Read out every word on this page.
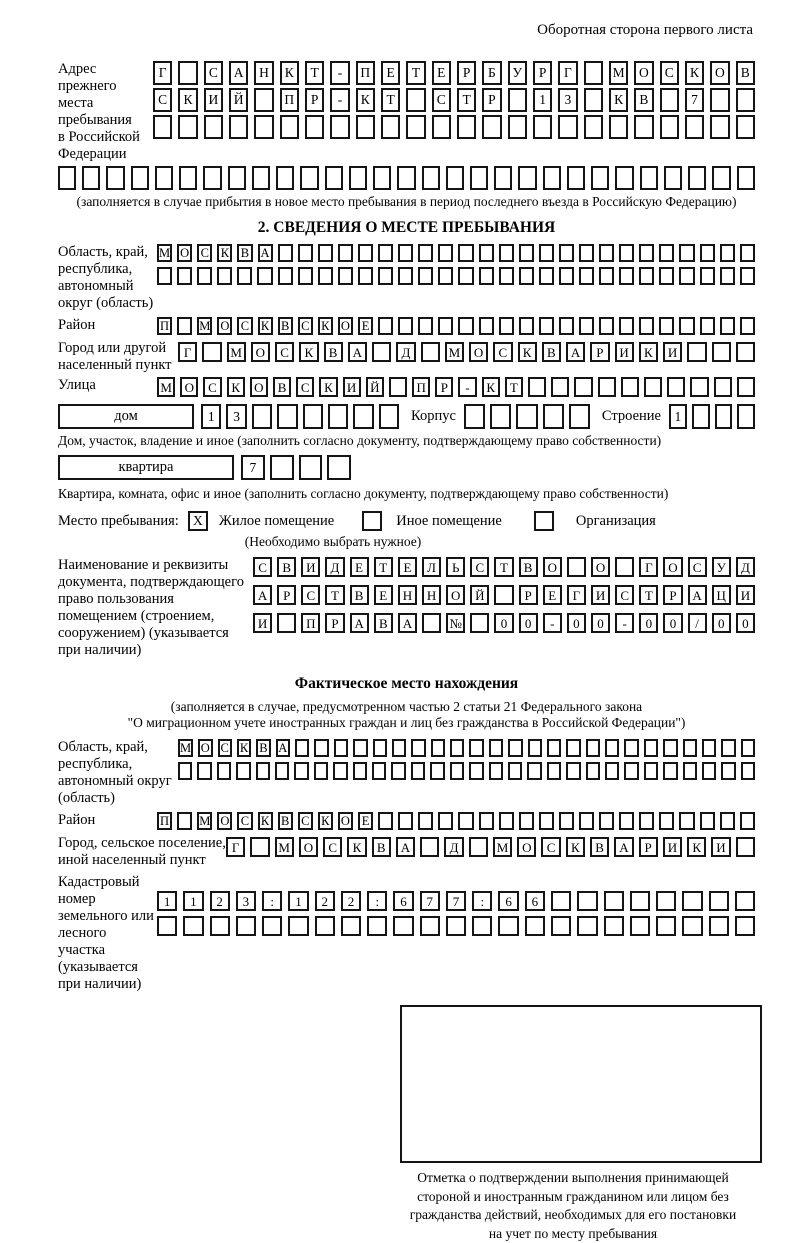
Оборотная сторона первого листа
Адрес прежнего
места пребывания
в Российской
Федерации
Г	С	А	Н	К	Т	-	П	Е	Т	Е	Р	Б	У	Р	Г	М	О	С	К	О	В
С	К	И	Й	П	Р	-	К	Т	С	Т	Р	1	3	К	В	7
(заполняется в случае прибытия в новое место пребывания в период последнего въезда в Российскую Федерацию)
2. СВЕДЕНИЯ О МЕСТЕ ПРЕБЫВАНИЯ
Область, край,
республика,
автономный
округ (область)
М О С К В А
Район	П М О С К В С К О Е
Город или другой
населенный пункт
Г	М	О	С	К	В	А	Д	М	О	С	К	В	А	Р	И	К	И
Улица	М О	С	К	О	В	С	К	И	Й	П	Р	-	К	Т
дом	1	3	Корпус	Строение	1
Дом, участок, владение и иное (заполнить согласно документу, подтверждающему право собственности)
квартира	7
Квартира, комната, офис и иное (заполнить согласно документу, подтверждающему право собственности)
Место пребывания:	X	Жилое помещение	Иное помещение	Организация
(Необходимо выбрать нужное)
Наименование и реквизиты
документа, подтверждающего
право пользования
помещением (строением,
сооружением) (указывается
при наличии)
С	В	И	Д	Е	Т	Е	Л	Ь	С	Т	В	О	О	Г	О	С	У	Д
А	Р	С	Т	В	Е	Н	Н	О	Й	Р	Е	Г	И	С	Т	Р	А	Ц	И
И	П	Р	А	В	А	№	0	0	-	0	0	-	0	0	/	0	0
Фактическое место нахождения
(заполняется в случае, предусмотренном частью 2 статьи 21 Федерального закона
"О миграционном учете иностранных граждан и лиц без гражданства в Российской Федерации")
Область, край,
республика,
автономный округ
(область)
М О С К В А
Район	П М О С К В С К О Е
Город, сельское поселение,
иной населенный пункт
Г	М	О	С	К	В	А	Д	М	О	С	К	В	А	Р	И	К	И
Кадастровый номер
земельного или лесного
участка (указывается
при наличии)
1	1	2	3	:	1	2	2	:	6	7	7	:	6	6
Отметка о подтверждении выполнения принимающей
стороной и иностранным гражданином или лицом без
гражданства действий, необходимых для его постановки
на учет по месту пребывания
